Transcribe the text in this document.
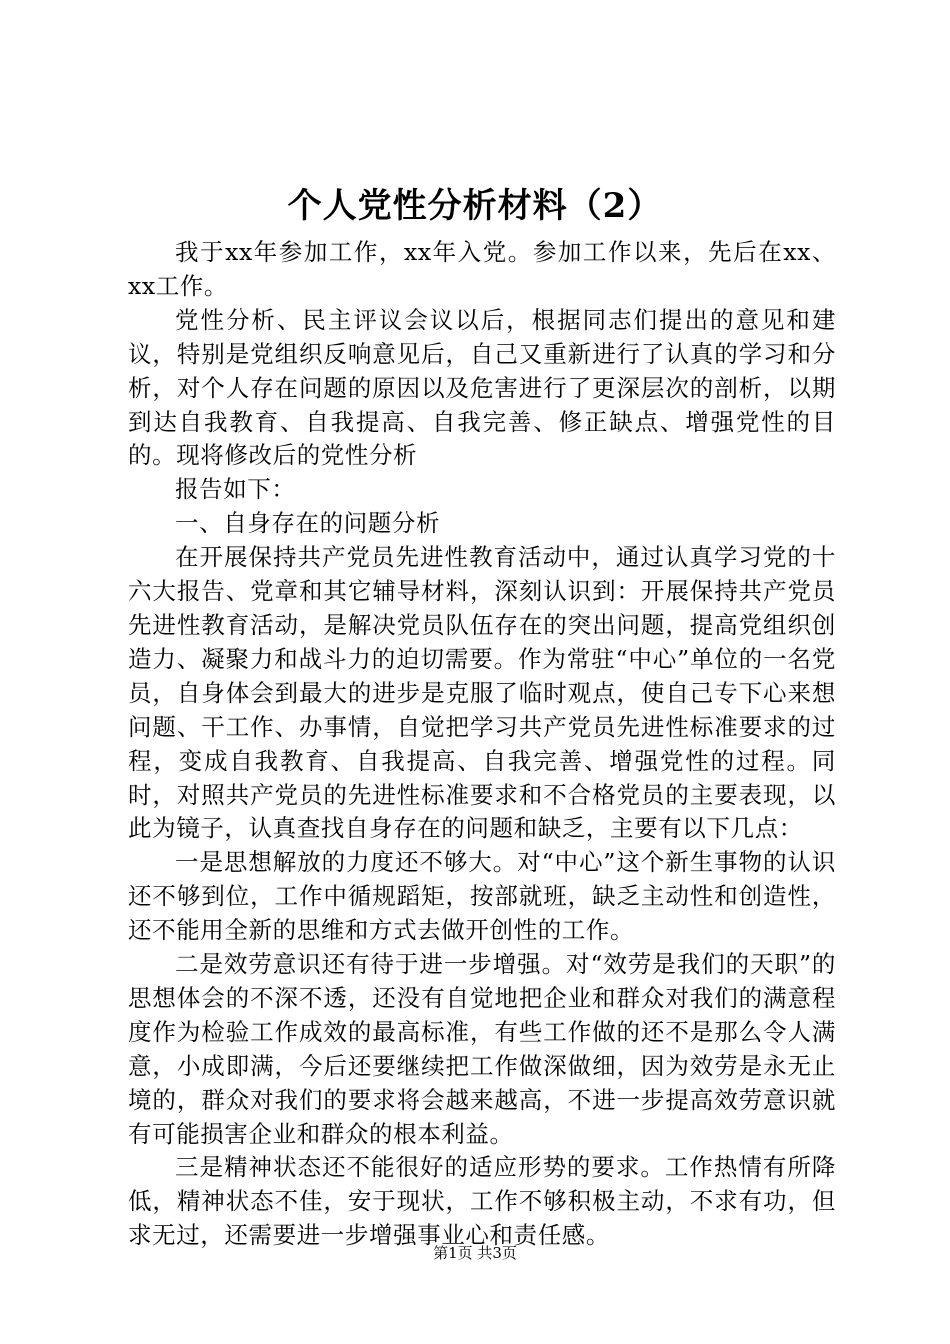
个人党性分析材料（2）

我于xx年参加工作，xx年入党。参加工作以来，先后在xx、xx工作。

党性分析、民主评议会议以后，根据同志们提出的意见和建议，特别是党组织反响意见后，自己又重新进行了认真的学习和分析，对个人存在问题的原因以及危害进行了更深层次的剖析，以期到达自我教育、自我提高、自我完善、修正缺点、增强党性的目的。现将修改后的党性分析

报告如下：

一、自身存在的问题分析

在开展保持共产党员先进性教育活动中，通过认真学习党的十六大报告、党章和其它辅导材料，深刻认识到：开展保持共产党员先进性教育活动，是解决党员队伍存在的突出问题，提高党组织创造力、凝聚力和战斗力的迫切需要。作为常驻“中心”单位的一名党员，自身体会到最大的进步是克服了临时观点，使自己专下心来想问题、干工作、办事情，自觉把学习共产党员先进性标准要求的过程，变成自我教育、自我提高、自我完善、增强党性的过程。同时，对照共产党员的先进性标准要求和不合格党员的主要表现，以此为镜子，认真查找自身存在的问题和缺乏，主要有以下几点：

一是思想解放的力度还不够大。对“中心”这个新生事物的认识还不够到位，工作中循规蹈矩，按部就班，缺乏主动性和创造性，还不能用全新的思维和方式去做开创性的工作。

二是效劳意识还有待于进一步增强。对“效劳是我们的天职”的思想体会的不深不透，还没有自觉地把企业和群众对我们的满意程度作为检验工作成效的最高标准，有些工作做的还不是那么令人满意，小成即满，今后还要继续把工作做深做细，因为效劳是永无止境的，群众对我们的要求将会越来越高，不进一步提高效劳意识就有可能损害企业和群众的根本利益。

三是精神状态还不能很好的适应形势的要求。工作热情有所降低，精神状态不佳，安于现状，工作不够积极主动，不求有功，但求无过，还需要进一步增强事业心和责任感。

第1页 共3页
